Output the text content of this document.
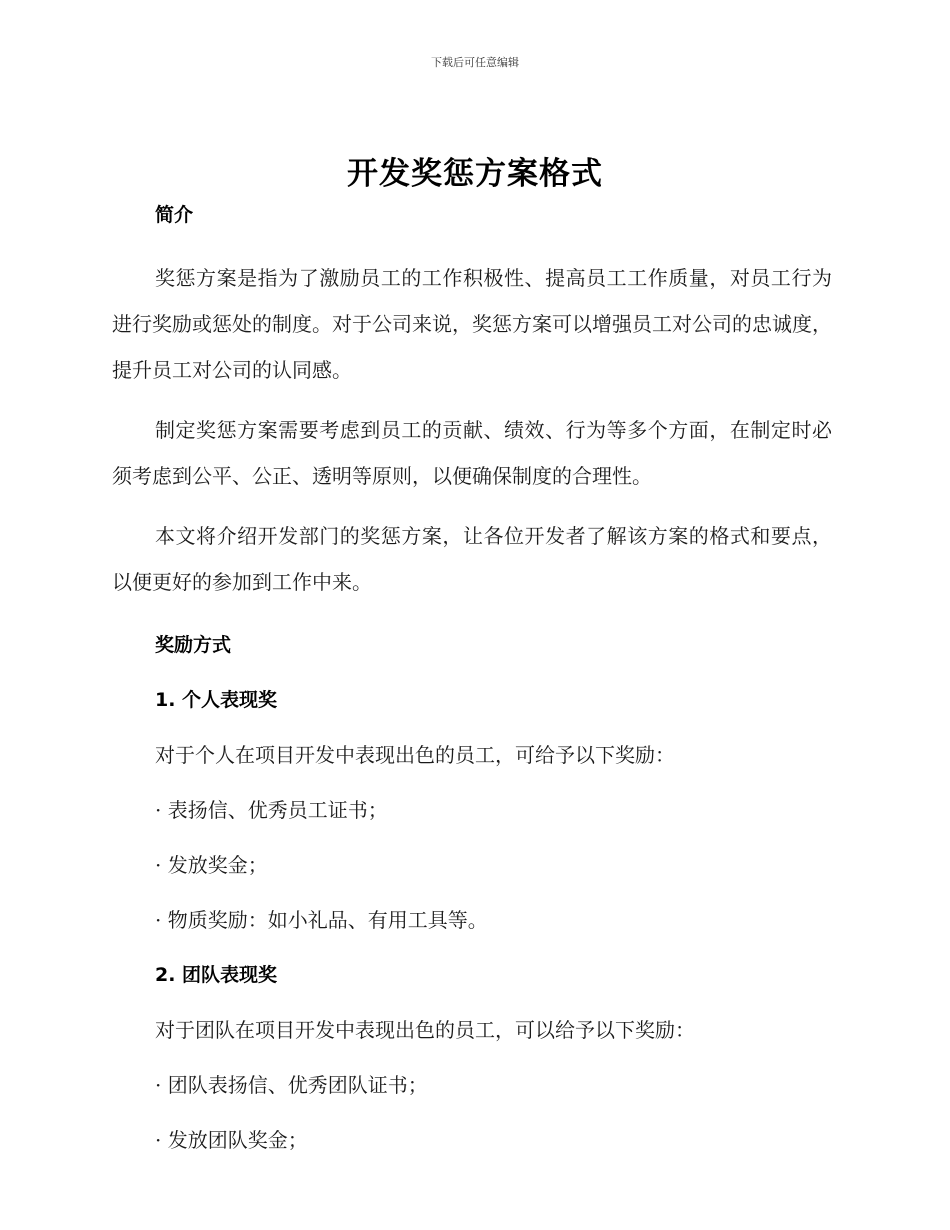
下载后可任意编辑
开发奖惩方案格式
简介

奖惩方案是指为了激励员工的工作积极性、提高员工工作质量，对员工行为进行奖励或惩处的制度。对于公司来说，奖惩方案可以增强员工对公司的忠诚度，提升员工对公司的认同感。

制定奖惩方案需要考虑到员工的贡献、绩效、行为等多个方面，在制定时必须考虑到公平、公正、透明等原则，以便确保制度的合理性。

本文将介绍开发部门的奖惩方案，让各位开发者了解该方案的格式和要点，以便更好的参加到工作中来。

奖励方式
1. 个人表现奖
对于个人在项目开发中表现出色的员工，可给予以下奖励：
· 表扬信、优秀员工证书；
· 发放奖金；
· 物质奖励：如小礼品、有用工具等。
2. 团队表现奖
对于团队在项目开发中表现出色的员工，可以给予以下奖励：
· 团队表扬信、优秀团队证书；
· 发放团队奖金；
